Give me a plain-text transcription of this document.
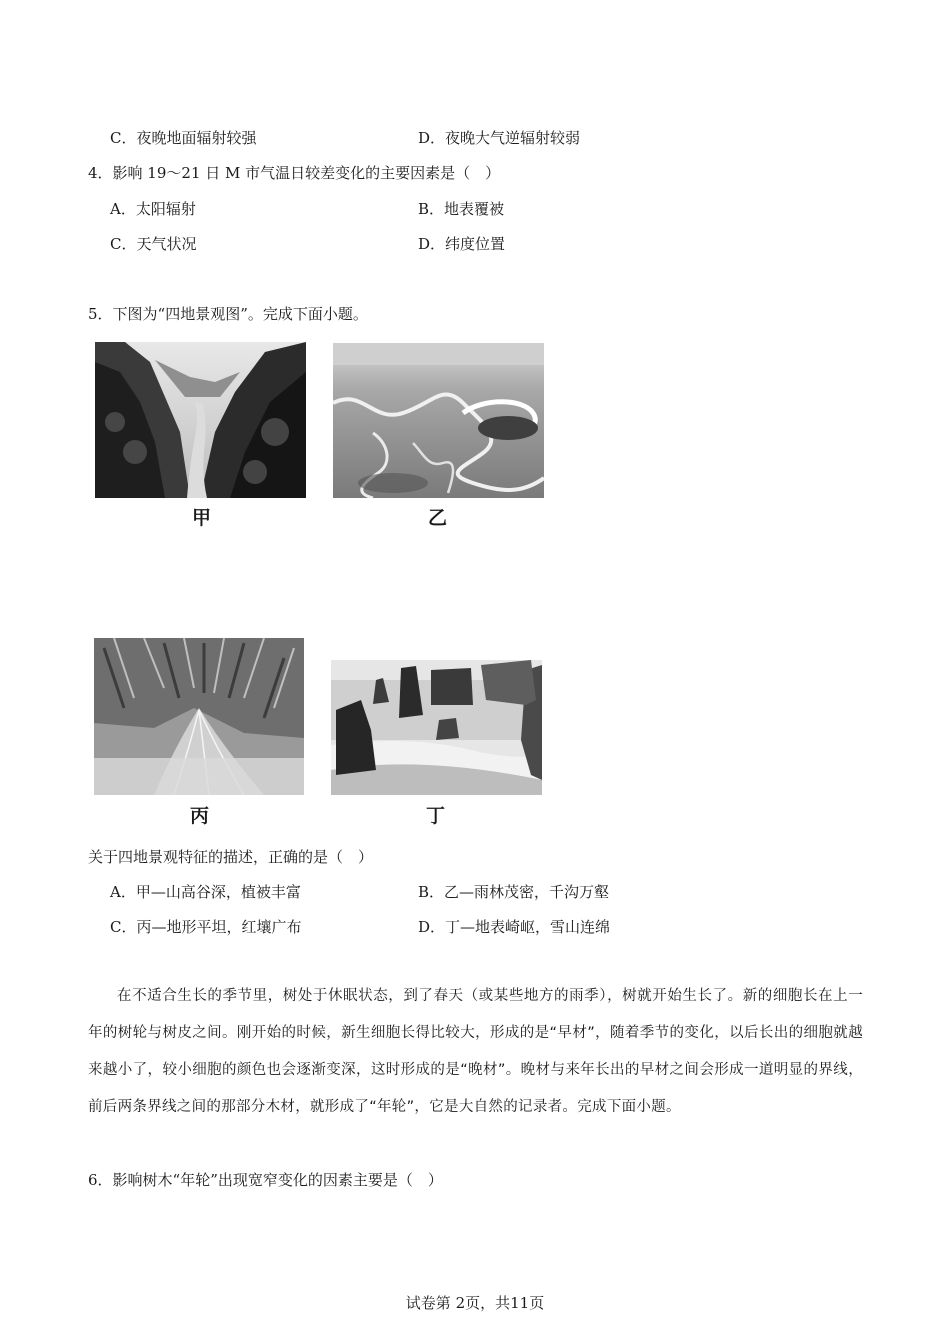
C．夜晚地面辐射较强	D．夜晚大气逆辐射较弱
4．影响 19～21 日 M 市气温日较差变化的主要因素是（　）
A．太阳辐射	B．地表覆被
C．天气状况	D．纬度位置
5．下图为“四地景观图”。完成下面小题。
甲	乙
丙	丁
关于四地景观特征的描述，正确的是（　）
A．甲—山高谷深，植被丰富	B．乙—雨林茂密，千沟万壑
C．丙—地形平坦，红壤广布	D．丁—地表崎岖，雪山连绵

在不适合生长的季节里，树处于休眠状态，到了春天（或某些地方的雨季），树就开始生长了。新的细胞长在上一年的树轮与树皮之间。刚开始的时候，新生细胞长得比较大，形成的是“早材”，随着季节的变化，以后长出的细胞就越来越小了，较小细胞的颜色也会逐渐变深，这时形成的是“晚材”。晚材与来年长出的早材之间会形成一道明显的界线，前后两条界线之间的那部分木材，就形成了“年轮”，它是大自然的记录者。完成下面小题。

6．影响树木“年轮”出现宽窄变化的因素主要是（　）
试卷第 2页，共11页
